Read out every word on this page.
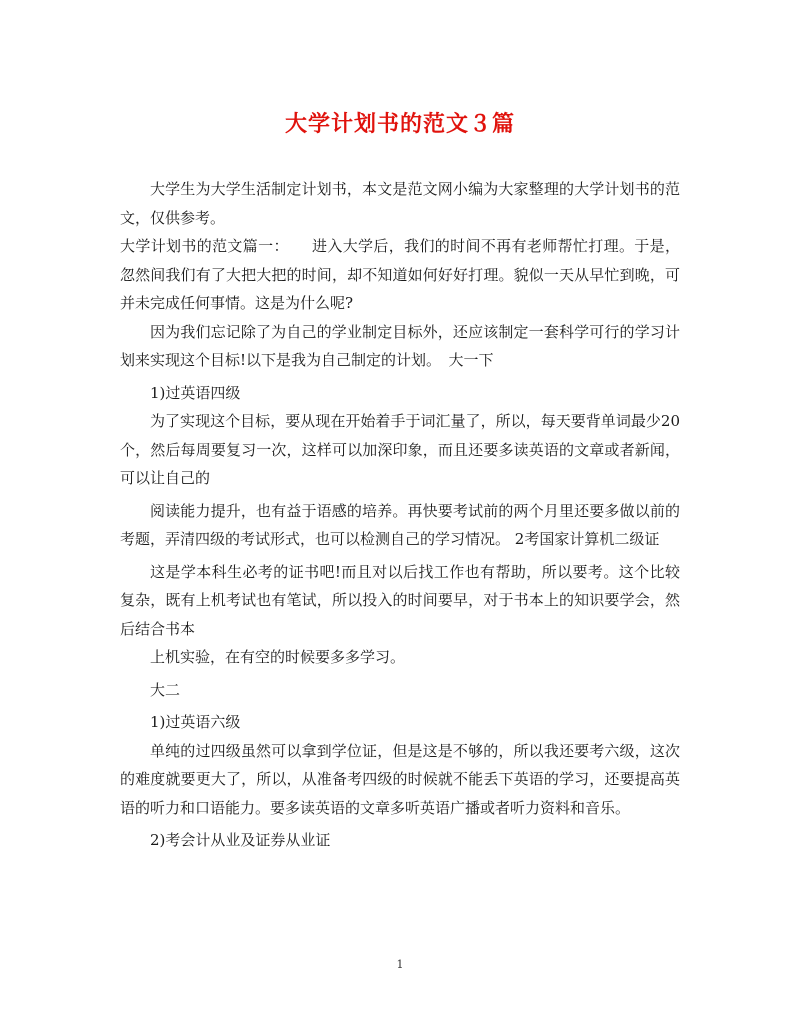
大学计划书的范文３篇

大学生为大学生活制定计划书，本文是范文网小编为大家整理的大学计划书的范文，仅供参考。

大学计划书的范文篇一：　　进入大学后，我们的时间不再有老师帮忙打理。于是，忽然间我们有了大把大把的时间，却不知道如何好好打理。貌似一天从早忙到晚，可并未完成任何事情。这是为什么呢?

因为我们忘记除了为自己的学业制定目标外，还应该制定一套科学可行的学习计划来实现这个目标!以下是我为自己制定的计划。　大一下

1)过英语四级

为了实现这个目标，要从现在开始着手于词汇量了，所以，每天要背单词最少20个，然后每周要复习一次，这样可以加深印象，而且还要多读英语的文章或者新闻，可以让自己的

阅读能力提升，也有益于语感的培养。再快要考试前的两个月里还要多做以前的考题，弄清四级的考试形式，也可以检测自己的学习情况。 2考国家计算机二级证

这是学本科生必考的证书吧!而且对以后找工作也有帮助，所以要考。这个比较复杂，既有上机考试也有笔试，所以投入的时间要早，对于书本上的知识要学会，然后结合书本

上机实验，在有空的时候要多多学习。

大二

1)过英语六级

单纯的过四级虽然可以拿到学位证，但是这是不够的，所以我还要考六级，这次的难度就要更大了，所以，从准备考四级的时候就不能丢下英语的学习，还要提高英语的听力和口语能力。要多读英语的文章多听英语广播或者听力资料和音乐。

2)考会计从业及证券从业证

1
